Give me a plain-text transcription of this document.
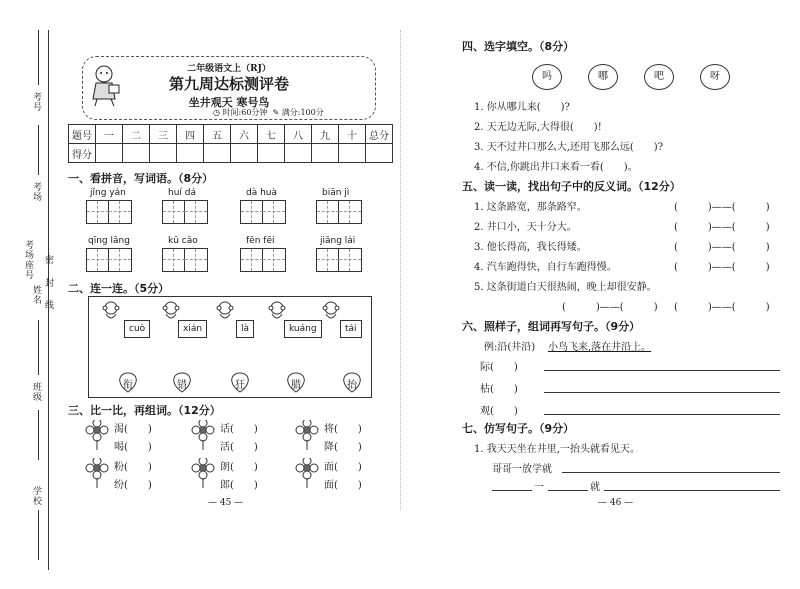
考号
考场
考场座号 密
封
线
姓名
班级
学校
二年级语文上（RJ）
第九周达标测评卷
坐井观天 寒号鸟
◷ 时间:60分钟 ✎ 满分:100分
题号	一	二	三	四	五	六	七	八	九	十	总分
得分											
一、看拼音，写词语。（8分）
jǐng yán	huí dá	dà huà	biān jì
qīng lāng	kū cǎo	fēn fēi	jiāng lái
二、连一连。（5分）
cuò	xián	là	kuáng	tái
衔	错	狂	腊	抬
三、比一比，再组词。（12分）
渴(　　)
喝(　　)
话(　　)
活(　　)
将(　　)
降(　　)
粉(　　)
纷(　　)
朗(　　)
郎(　　)
面(　　)
面(　　)
— 45 —
四、选字填空。（8分）
吗	哪	吧	呀
1. 你从哪儿来(　　)?
2. 天无边无际,大得很(　　)!
3. 天不过井口那么大,还用飞那么远(　　)?
4. 不信,你跳出井口来看一看(　　)。
五、读一读，找出句子中的反义词。（12分）
1. 这条路宽，那条路窄。	(　　　)——(　　　)
2. 井口小，天十分大。	(　　　)——(　　　)
3. 他长得高，我长得矮。	(　　　)——(　　　)
4. 汽车跑得快，自行车跑得慢。	(　　　)——(　　　)
5. 这条街道白天很热闹，晚上却很安静。
(　　　)——(　　　) (　　　)——(　　　)
六、照样子，组词再写句子。（9分）
例:沿(井沿) 小鸟飞来,落在井沿上。
际(　　)
枯(　　)
观(　　)
七、仿写句子。（9分）
1. 我天天坐在井里,一抬头就看见天。
哥哥一放学就
一	就
— 46 —
